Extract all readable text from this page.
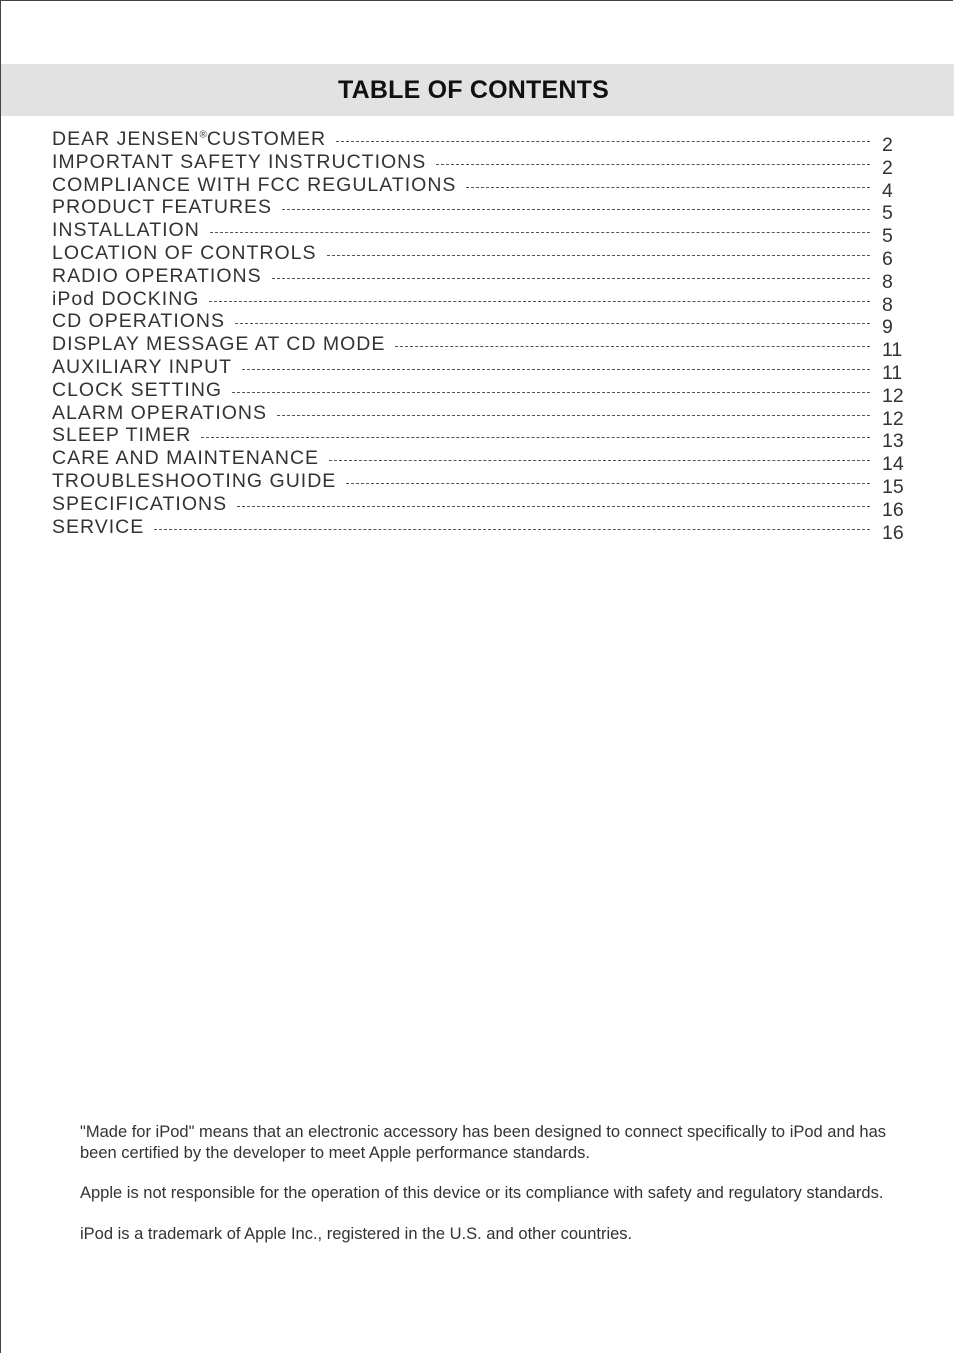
TABLE OF CONTENTS
DEAR JENSEN®CUSTOMER	2
IMPORTANT SAFETY INSTRUCTIONS	2
COMPLIANCE WITH FCC REGULATIONS	4
PRODUCT FEATURES	5
INSTALLATION	5
LOCATION OF CONTROLS	6
RADIO OPERATIONS	8
iPod DOCKING	8
CD OPERATIONS	9
DISPLAY MESSAGE AT CD MODE	11
AUXILIARY INPUT	11
CLOCK SETTING	12
ALARM OPERATIONS	12
SLEEP TIMER	13
CARE AND MAINTENANCE	14
TROUBLESHOOTING GUIDE	15
SPECIFICATIONS	16
SERVICE	16

"Made for iPod" means that an electronic accessory has been designed to connect specifically to iPod and has been certified by the developer to meet Apple performance standards.

Apple is not responsible for the operation of this device or its compliance with safety and regulatory standards.

iPod is a trademark of Apple Inc., registered in the U.S. and other countries.
